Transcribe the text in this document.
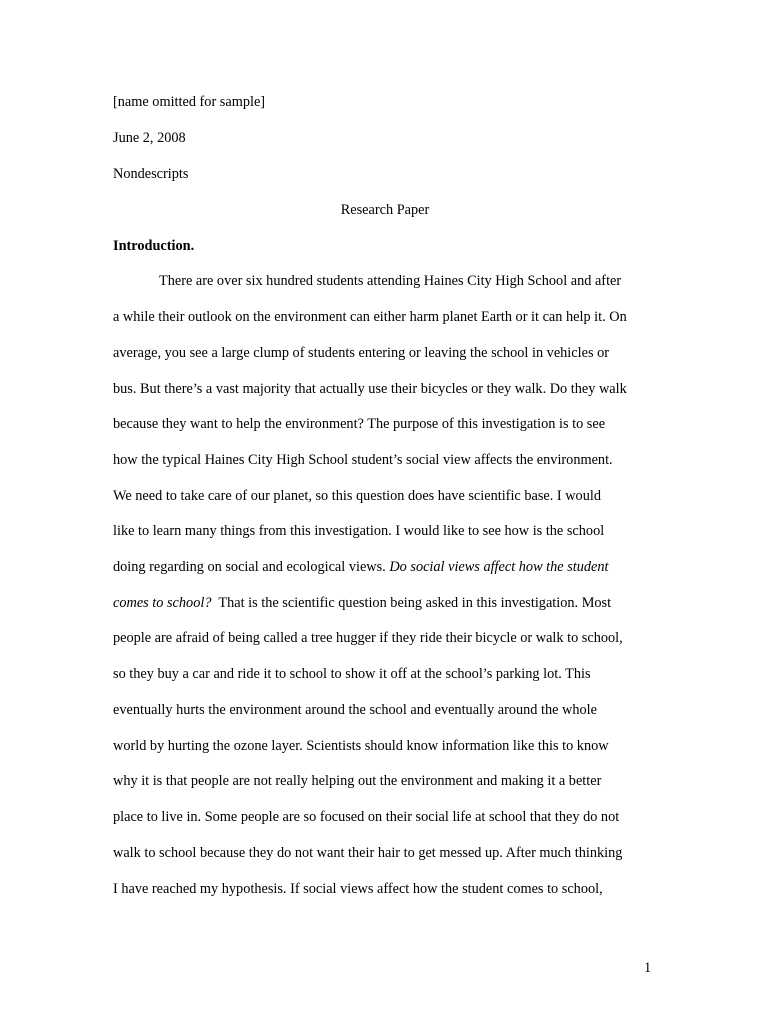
[name omitted for sample]
June 2, 2008
Nondescripts
Research Paper
Introduction.
There are over six hundred students attending Haines City High School and after
a while their outlook on the environment can either harm planet Earth or it can help it. On
average, you see a large clump of students entering or leaving the school in vehicles or
bus. But there’s a vast majority that actually use their bicycles or they walk. Do they walk
because they want to help the environment? The purpose of this investigation is to see
how the typical Haines City High School student’s social view affects the environment.
We need to take care of our planet, so this question does have scientific base. I would
like to learn many things from this investigation. I would like to see how is the school
doing regarding on social and ecological views. Do social views affect how the student
comes to school?  That is the scientific question being asked in this investigation. Most
people are afraid of being called a tree hugger if they ride their bicycle or walk to school,
so they buy a car and ride it to school to show it off at the school’s parking lot. This
eventually hurts the environment around the school and eventually around the whole
world by hurting the ozone layer. Scientists should know information like this to know
why it is that people are not really helping out the environment and making it a better
place to live in. Some people are so focused on their social life at school that they do not
walk to school because they do not want their hair to get messed up. After much thinking
I have reached my hypothesis. If social views affect how the student comes to school,
1
